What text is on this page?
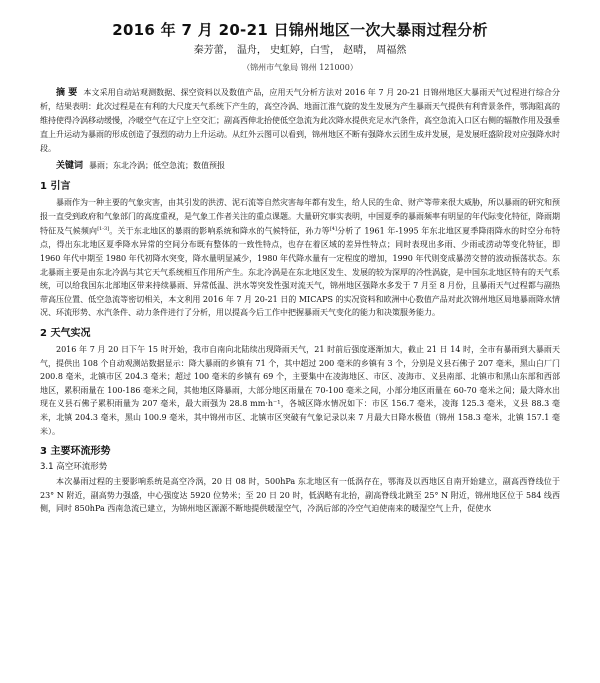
2016 年 7 月 20-21 日锦州地区一次大暴雨过程分析
秦芳蕾， 温舟， 史虹婷，白雪， 赵晴， 周福然
（锦州市气象局 锦州 121000）
摘 要 本文采用自动站观测数据、探空资料以及数值产品，应用天气分析方法对 2016 年 7 月 20-21 日锦州地区大暴雨天气过程进行综合分析，结果表明：此次过程是在有利的大尺度天气系统下产生的，高空冷涡、地面江淮气旋的发生发展为产生暴雨天气提供有利背景条件，鄂海阻高的维持使得冷涡移动缓慢，冷暖空气在辽宁上空交汇；副高西伸北抬使低空急流为此次降水提供充足水汽条件，高空急流入口区右侧的辐散作用及强垂直上升运动为暴雨的形成创造了强烈的动力上升运动。从红外云图可以看到，锦州地区不断有强降水云团生成并发展，是发展旺盛阶段对应强降水时段。
关键词 暴雨；东北冷涡；低空急流；数值预报
1 引言

暴雨作为一种主要的气象灾害，由其引发的洪涝、泥石流等自然灾害每年都有发生，给人民的生命、财产等带来很大威胁，所以暴雨的研究和预报一直受到政府和气象部门的高度重视，是气象工作者关注的重点课题。大量研究事实表明，中国夏季的暴雨频率有明显的年代际变化特征，降雨期特征及气候频向[1-3]。关于东北地区的暴雨的影响系统和降水的气候特征，孙力等[4]分析了 1961 年-1995 年东北地区夏季降雨降水的时空分布特点，得出东北地区夏季降水异常的空间分布既有整体的一致性特点，也存在着区域的差异性特点；同时表现出多雨、少雨或涝动等变化特征，即 1960 年代中期至 1980 年代初降水突变，降水量明显减少，1980 年代降水量有一定程度的增加，1990 年代则变成暴涝交替的波动振荡状态。东北暴雨主要是由东北冷涡与其它天气系统相互作用所产生。东北冷涡是在东北地区发生、发展的较为深厚的冷性涡旋，是中国东北地区特有的天气系统，可以给我国东北部地区带来持续暴雨、异常低温、洪水等突发性强对流天气，锦州地区强降水多发于 7 月至 8 月份，且暴雨天气过程都与副热带高压位置、低空急流等密切相关，本文利用 2016 年 7 月 20-21 日的 MICAPS 的实况资料和欧洲中心数值产品对此次锦州地区局地暴雨降水情况、环流形势、水汽条件、动力条件进行了分析，用以提高今后工作中把握暴雨天气变化的能力和决策服务能力。

2 天气实况

2016 年 7 月 20 日下午 15 时开始，我市自南向北陆续出现降雨天气，21 时前后强度逐渐加大，截止 21 日 14 时，全市有暴雨到大暴雨天气，提供出 108 个自动观测站数据显示：降大暴雨的乡镇有 71 个，其中超过 200 毫米的乡镇有 3 个，分别是义县石佛子 207 毫米，黑山白厂门 200.8 毫米，北镇市区 204.3 毫米；超过 100 毫米的乡镇有 69 个，主要集中在凌海地区、市区、凌海市、义县南部、北镇市和黑山东部和西部地区，累积雨量在 100-186 毫米之间，其他地区降暴雨，大部分地区雨量在 70-100 毫米之间，小部分地区雨量在 60-70 毫米之间；最大降水出现在义县石佛子累积雨量为 207 毫米，最大雨强为 28.8 mm·h⁻¹，各城区降水情况如下：市区 156.7 毫米，凌海 125.3 毫米，义县 88.3 毫米，北镇 204.3 毫米，黑山 100.9 毫米，其中锦州市区、北镇市区突破有气象记录以来 7 月最大日降水极值（锦州 158.3 毫米，北镇 157.1 毫米）。

3 主要环流形势
3.1 高空环流形势

本次暴雨过程的主要影响系统是高空冷涡，20 日 08 时，500hPa 东北地区有一低涡存在，鄂海及以西地区自南开始建立，副高西脊线位于 23° N 附近，副高势力强盛，中心强度达 5920 位势米；至 20 日 20 时，低涡略有北抬，副高脊线北跳至 25° N 附近，锦州地区位于 584 线西侧，同时 850hPa 西南急流已建立，为锦州地区源源不断地提供暖湿空气，冷涡后部的冷空气迫使南来的暖湿空气上升，促使水
